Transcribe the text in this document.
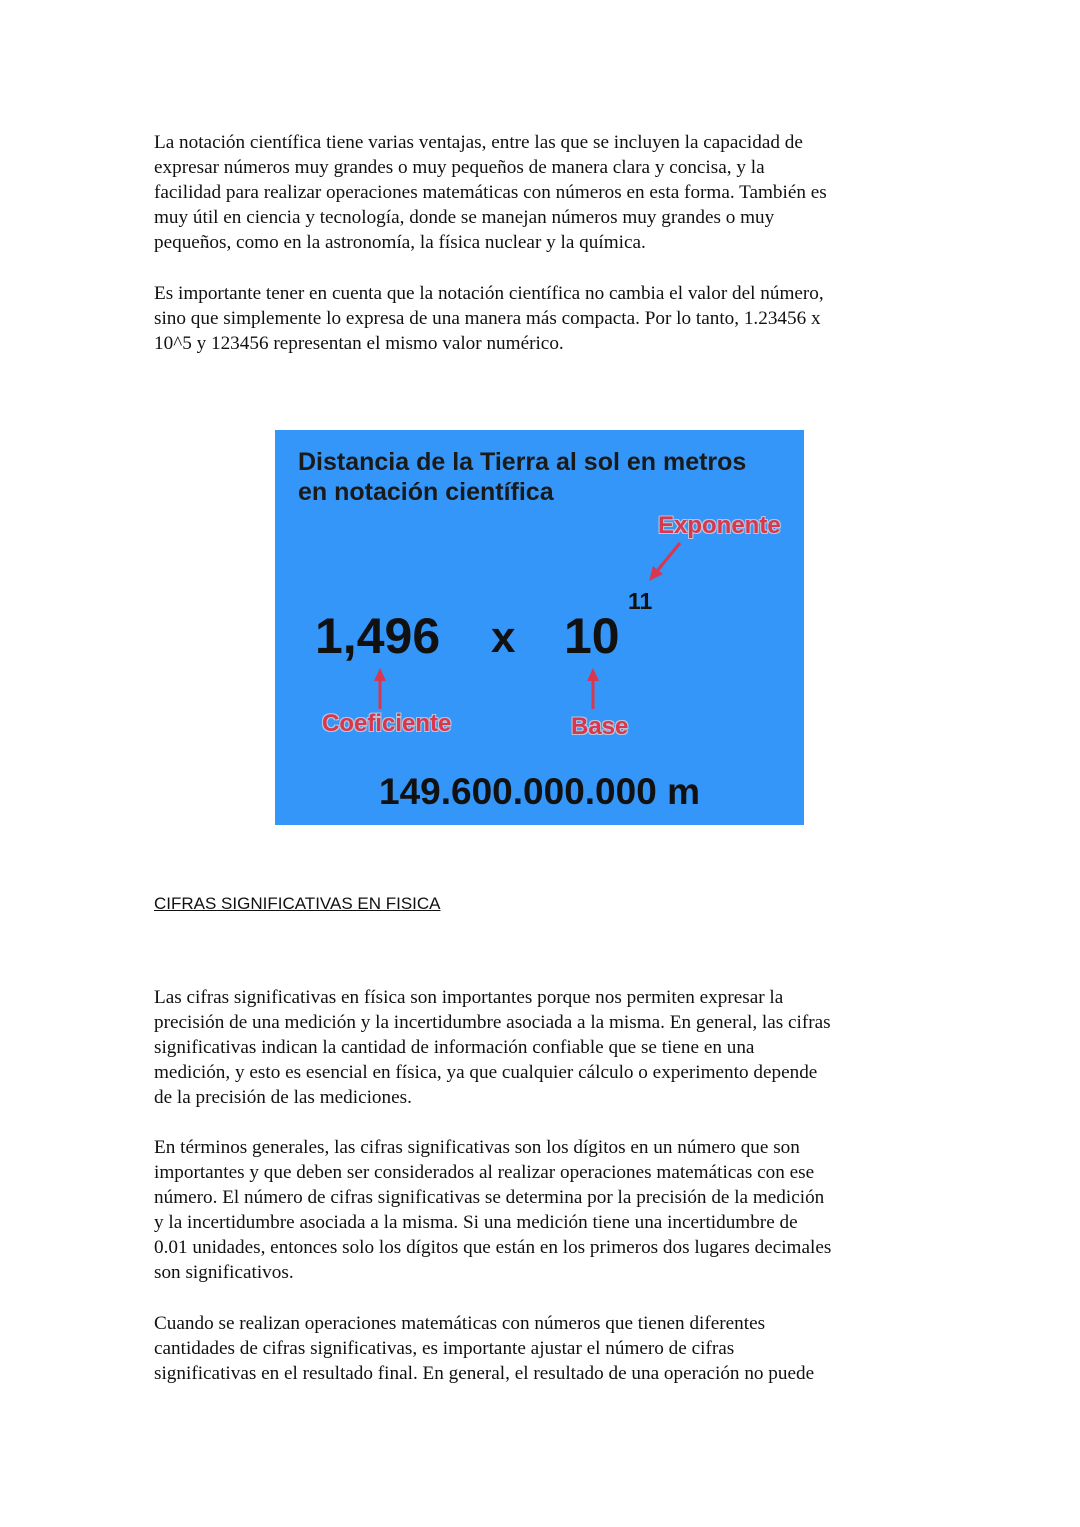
La notación científica tiene varias ventajas, entre las que se incluyen la capacidad de
expresar números muy grandes o muy pequeños de manera clara y concisa, y la
facilidad para realizar operaciones matemáticas con números en esta forma. También es
muy útil en ciencia y tecnología, donde se manejan números muy grandes o muy
pequeños, como en la astronomía, la física nuclear y la química.
Es importante tener en cuenta que la notación científica no cambia el valor del número,
sino que simplemente lo expresa de una manera más compacta. Por lo tanto, 1.23456 x
10^5 y 123456 representan el mismo valor numérico.
Distancia de la Tierra al sol en metros
en notación científica
Exponente
1,496 x 10
11
Coeficiente	Base
149.600.000.000 m
CIFRAS SIGNIFICATIVAS EN FISICA
Las cifras significativas en física son importantes porque nos permiten expresar la
precisión de una medición y la incertidumbre asociada a la misma. En general, las cifras
significativas indican la cantidad de información confiable que se tiene en una
medición, y esto es esencial en física, ya que cualquier cálculo o experimento depende
de la precisión de las mediciones.
En términos generales, las cifras significativas son los dígitos en un número que son
importantes y que deben ser considerados al realizar operaciones matemáticas con ese
número. El número de cifras significativas se determina por la precisión de la medición
y la incertidumbre asociada a la misma. Si una medición tiene una incertidumbre de
0.01 unidades, entonces solo los dígitos que están en los primeros dos lugares decimales
son significativos.
Cuando se realizan operaciones matemáticas con números que tienen diferentes
cantidades de cifras significativas, es importante ajustar el número de cifras
significativas en el resultado final. En general, el resultado de una operación no puede
